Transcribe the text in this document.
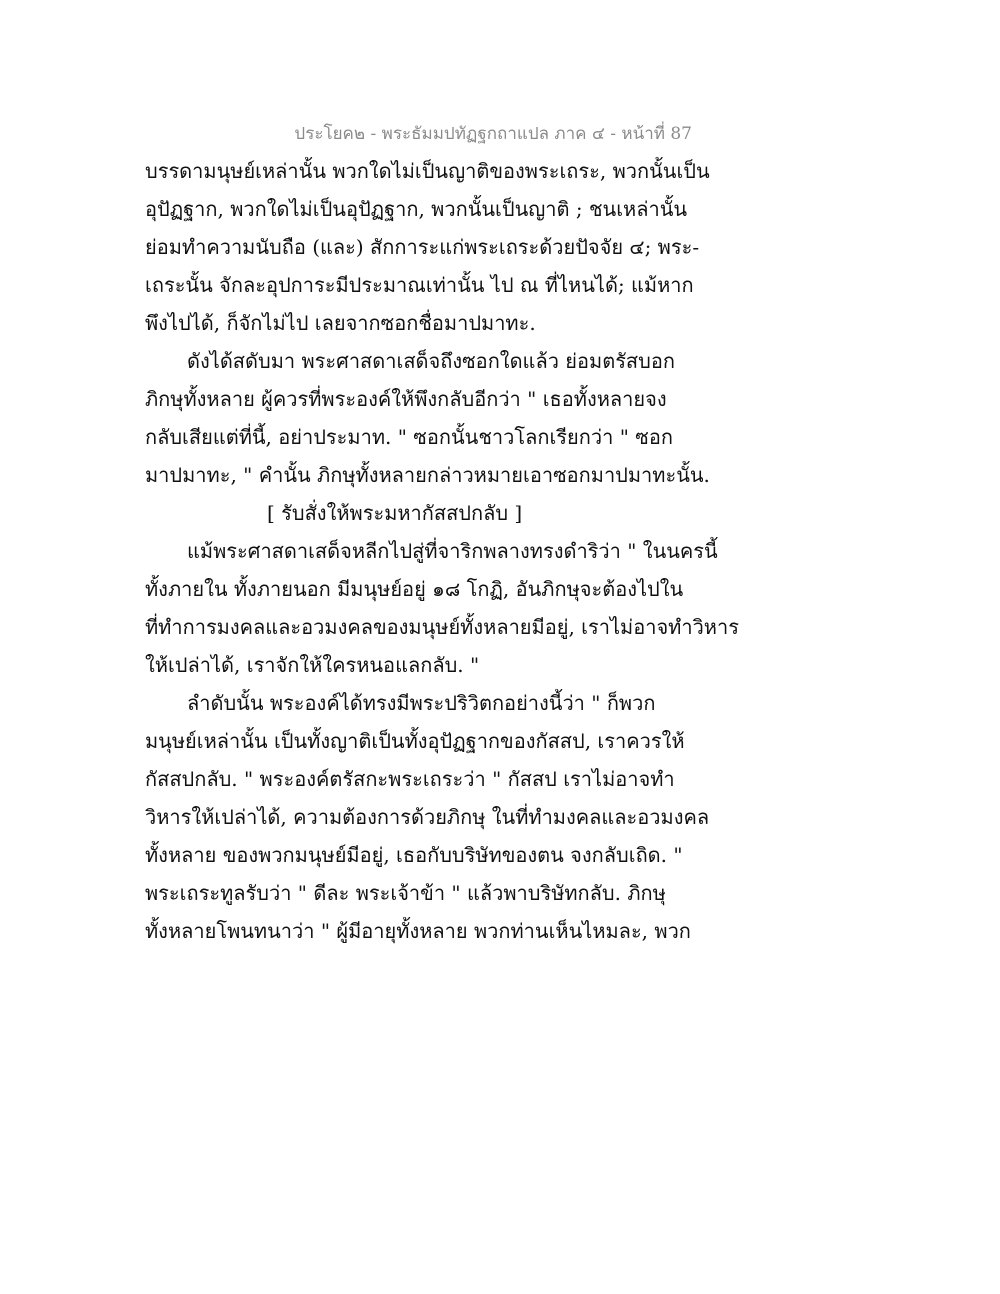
ประโยค๒ - พระธัมมปทัฏฐกถาแปล ภาค ๔ - หน้าที่ 87
บรรดามนุษย์เหล่านั้น พวกใดไม่เป็นญาติของพระเถระ, พวกนั้นเป็น
อุปัฏฐาก, พวกใดไม่เป็นอุปัฏฐาก, พวกนั้นเป็นญาติ ; ชนเหล่านั้น
ย่อมทำความนับถือ (และ) สักการะแก่พระเถระด้วยปัจจัย ๔; พระ-
เถระนั้น จักละอุปการะมีประมาณเท่านั้น ไป ณ ที่ไหนได้; แม้หาก
พึงไปได้, ก็จักไม่ไป เลยจากซอกชื่อมาปมาทะ.
ดังได้สดับมา พระศาสดาเสด็จถึงซอกใดแล้ว ย่อมตรัสบอก
ภิกษุทั้งหลาย ผู้ควรที่พระองค์ให้พึงกลับอีกว่า " เธอทั้งหลายจง
กลับเสียแต่ที่นี้, อย่าประมาท. " ซอกนั้นชาวโลกเรียกว่า " ซอก
มาปมาทะ, " คำนั้น ภิกษุทั้งหลายกล่าวหมายเอาซอกมาปมาทะนั้น.
[ รับสั่งให้พระมหากัสสปกลับ ]
แม้พระศาสดาเสด็จหลีกไปสู่ที่จาริกพลางทรงดำริว่า " ในนครนี้
ทั้งภายใน ทั้งภายนอก มีมนุษย์อยู่ ๑๘ โกฏิ, อันภิกษุจะต้องไปใน
ที่ทำการมงคลและอวมงคลของมนุษย์ทั้งหลายมีอยู่, เราไม่อาจทำวิหาร
ให้เปล่าได้, เราจักให้ใครหนอแลกลับ. "
ลำดับนั้น พระองค์ได้ทรงมีพระปริวิตกอย่างนี้ว่า " ก็พวก
มนุษย์เหล่านั้น เป็นทั้งญาติเป็นทั้งอุปัฏฐากของกัสสป, เราควรให้
กัสสปกลับ. " พระองค์ตรัสกะพระเถระว่า " กัสสป เราไม่อาจทำ
วิหารให้เปล่าได้, ความต้องการด้วยภิกษุ ในที่ทำมงคลและอวมงคล
ทั้งหลาย ของพวกมนุษย์มีอยู่, เธอกับบริษัทของตน จงกลับเถิด. "
พระเถระทูลรับว่า " ดีละ พระเจ้าข้า " แล้วพาบริษัทกลับ. ภิกษุ
ทั้งหลายโพนทนาว่า " ผู้มีอายุทั้งหลาย พวกท่านเห็นไหมละ, พวก
